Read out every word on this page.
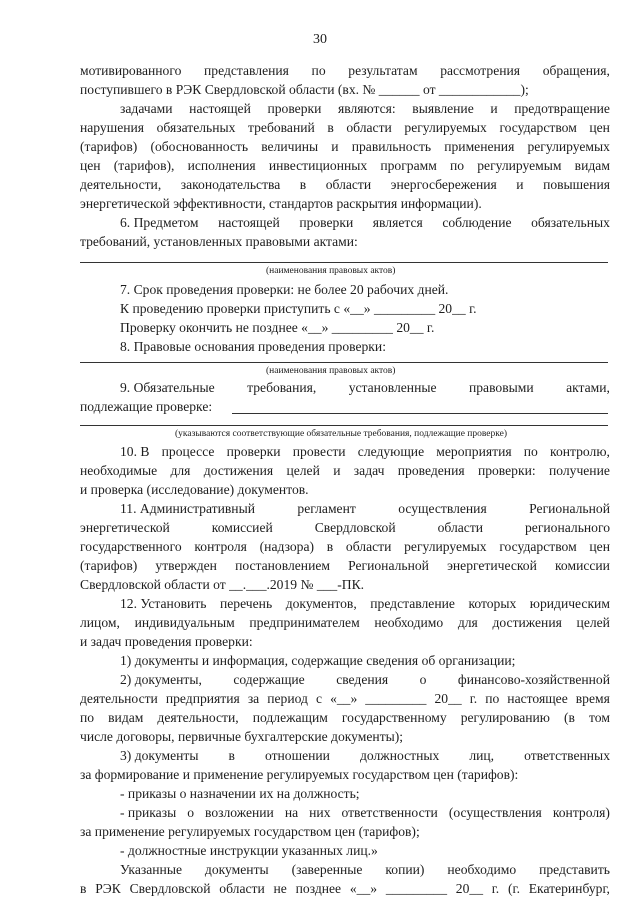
30
мотивированного представления по результатам рассмотрения обращения,
поступившего в РЭК Свердловской области (вх. № ______ от ____________);
задачами настоящей проверки являются: выявление и предотвращение
нарушения обязательных требований в области регулируемых государством цен
(тарифов) (обоснованность величины и правильность применения регулируемых
цен (тарифов), исполнения инвестиционных программ по регулируемым видам
деятельности, законодательства в области энергосбережения и повышения
энергетической эффективности, стандартов раскрытия информации).
6. Предметом настоящей проверки является соблюдение обязательных
требований, установленных правовыми актами:
(наименования правовых актов)
7. Срок проведения проверки: не более 20 рабочих дней.
К проведению проверки приступить с «__» _________ 20__ г.
Проверку окончить не позднее «__» _________ 20__ г.
8. Правовые основания проведения проверки:
(наименования правовых актов)
9. Обязательные требования, установленные правовыми актами,
подлежащие проверке:
(указываются соответствующие обязательные требования, подлежащие проверке)
10. В процессе проверки провести следующие мероприятия по контролю,
необходимые для достижения целей и задач проведения проверки: получение
и проверка (исследование) документов.
11. Административный	регламент	осуществления	Региональной
энергетической	комиссией	Свердловской	области	регионального
государственного контроля (надзора) в области регулируемых государством цен
(тарифов) утвержден постановлением Региональной энергетической комиссии
Свердловской области от __.___.2019 № ___-ПК.
12. Установить перечень документов, представление которых юридическим
лицом, индивидуальным предпринимателем необходимо для достижения целей
и задач проведения проверки:
1) документы и информация, содержащие сведения об организации;
2) документы, содержащие сведения о финансово-хозяйственной
деятельности предприятия за период с «__» _________ 20__ г. по настоящее время
по видам деятельности, подлежащим государственному регулированию (в том
числе договоры, первичные бухгалтерские документы);
3) документы в отношении должностных лиц, ответственных
за формирование и применение регулируемых государством цен (тарифов):
- приказы о назначении их на должность;
- приказы о возложении на них ответственности (осуществления контроля)
за применение регулируемых государством цен (тарифов);
- должностные инструкции указанных лиц.»
Указанные документы (заверенные копии) необходимо представить
в РЭК Свердловской области не позднее «__» _________ 20__ г. (г. Екатеринбург,
